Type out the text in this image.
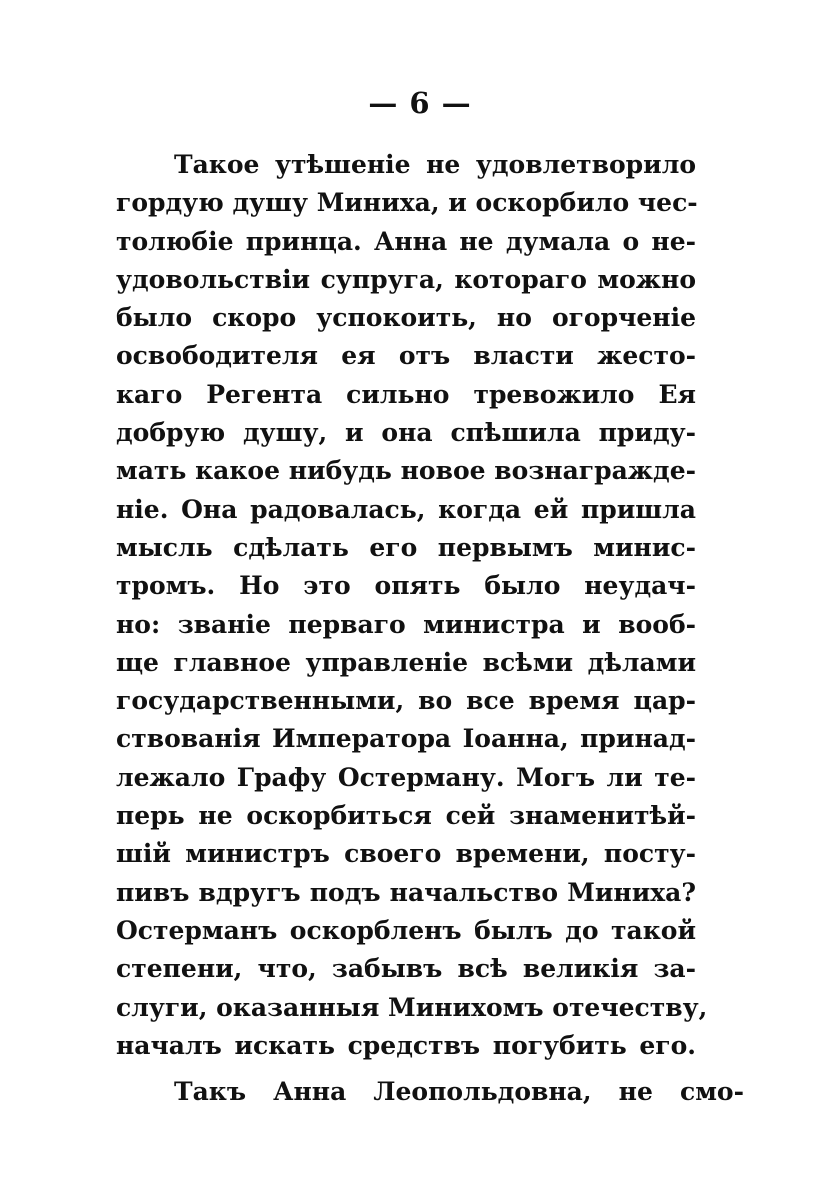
— 6 —
Такое утѣшеніе не удовлетворило
гордую душу Миниха, и оскорбило чес-
тoлюбіе принца. Анна не думала о не-
удовольствіи супруга, котораго можно
было скоро успокоить, но огорченіе
освободителя ея отъ власти жесто-
каго Регента сильно тревожило Ея
добрую душу, и она спѣшила приду-
мать какое нибудь новое вознагражде-
ніе. Она радовалась, когда ей пришла
мысль сдѣлать его первымъ минис-
тромъ. Но это опять было неудач-
но: званіе перваго министра и вооб-
ще главное управленіе всѣми дѣлами
государственными, во все время цар-
ствованія Императора Іоанна, принад-
лежало Графу Остерману. Могъ ли те-
перь не оскорбиться сей знаменитѣй-
шій министръ своего времени, посту-
пивъ вдругъ подъ начальство Миниха?
Остерманъ оскорбленъ былъ до такой
степени, что, забывъ всѣ великія за-
слуги, оказанныя Минихомъ отечеству,
началъ искать средствъ погубить его.
Такъ Анна Леопольдовна, не смо-
